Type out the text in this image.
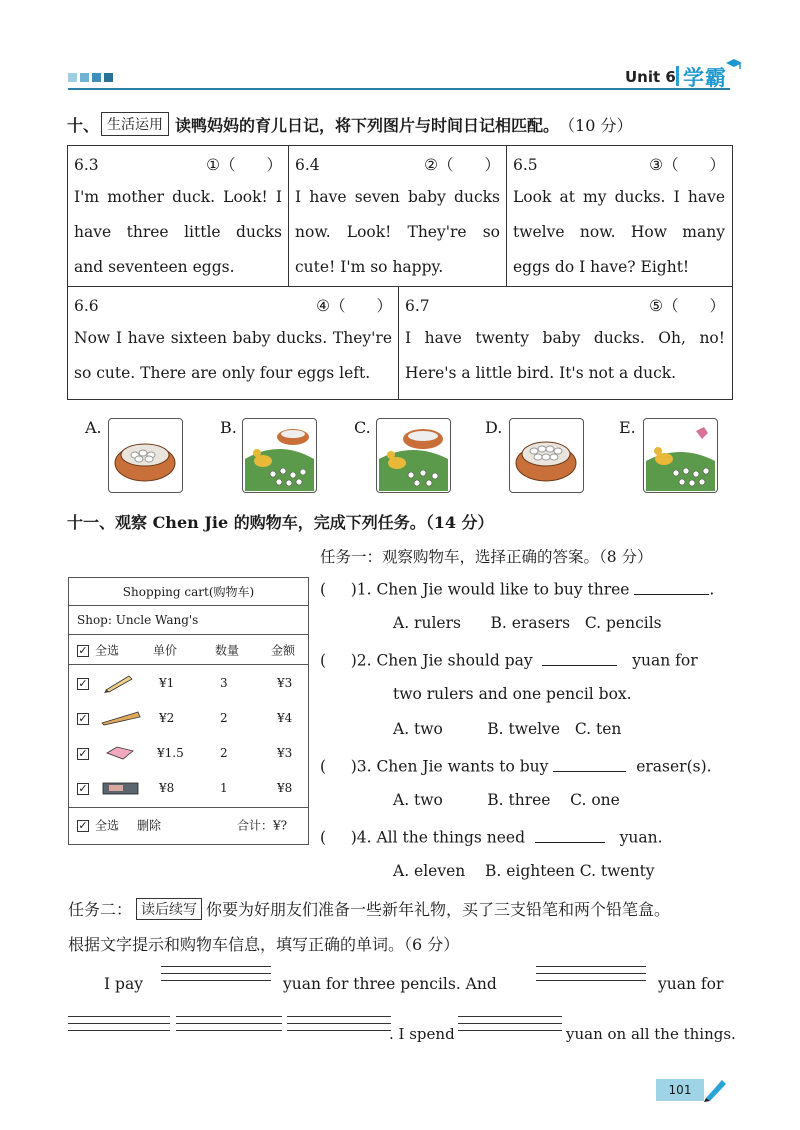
Unit 6 学霸
十、 生活运用 读鸭妈妈的育儿日记，将下列图片与时间日记相匹配。 （10 分）
6.3	①（　　）
I'm mother duck. Look! I have three little ducks and seventeen eggs.
6.4	②（　　）
I have seven baby ducks now. Look! They're so cute! I'm so happy.
6.5	③（　　）
Look at my ducks. I have twelve now. How many eggs do I have? Eight!
6.6	④（　　）
Now I have sixteen baby ducks. They're so cute. There are only four eggs left.
6.7	⑤（　　）
I have twenty baby ducks. Oh, no! Here's a little bird. It's not a duck.
A.	B.	C.	D.	E.
十一、观察 Chen Jie 的购物车，完成下列任务。（14 分）
任务一：观察购物车，选择正确的答案。（8 分）
Shopping cart(购物车)
Shop: Uncle Wang's
✓ 全选	单价	数量	金额
✓	¥1	3	¥3
✓	¥2	2	¥4
✓	¥1.5	2	¥3
✓	¥8	1	¥8
✓ 全选 删除	合计：¥?
(     )1. Chen Jie would like to buy three	.
A. rulers B. erasers C. pencils
(     )2. Chen Jie should pay	yuan for
two rulers and one pencil box.
A. two	B. twelve C. ten
(     )3. Chen Jie wants to buy	eraser(s).
A. two	B. three C. one
(     )4. All the things need	yuan.
A. eleven B. eighteen C. twenty
任务二： 读后续写 你要为好朋友们准备一些新年礼物，买了三支铅笔和两个铅笔盒。
根据文字提示和购物车信息，填写正确的单词。（6 分）
I pay	yuan for three pencils. And	yuan for
. I spend	yuan on all the things.
101
